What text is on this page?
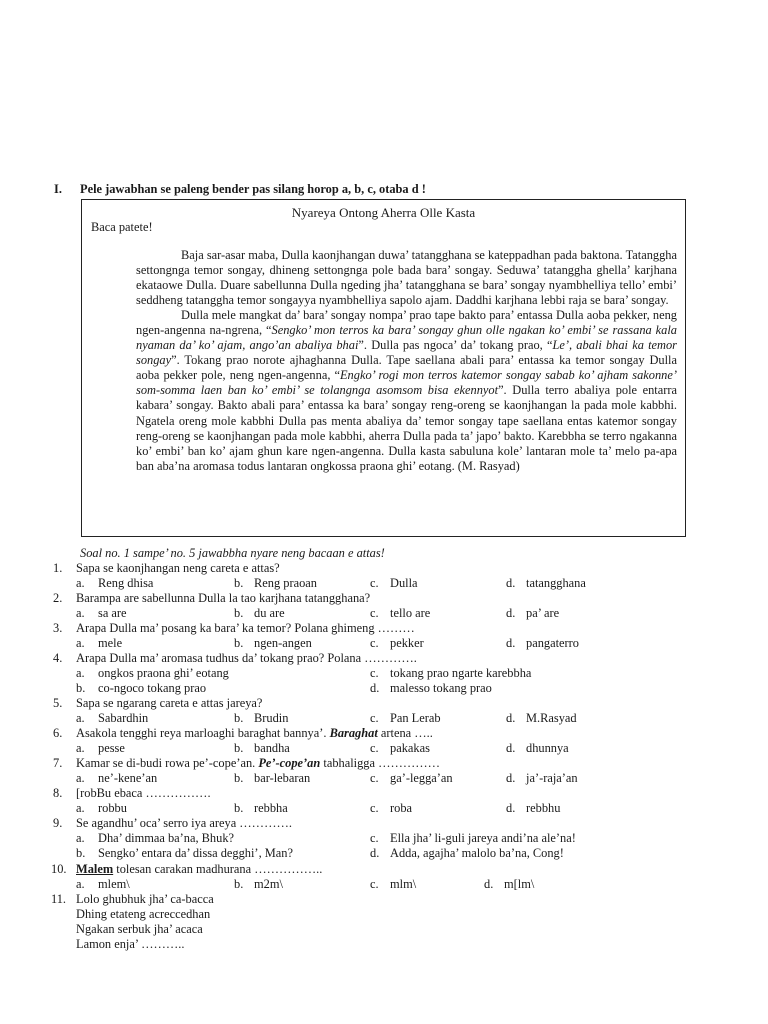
I. Pele jawabhan se paleng bender pas silang horop a, b, c, otaba d !
Nyareya Ontong Aherra Olle Kasta
Baca patete!

Baja sar-asar maba, Dulla kaonjhangan duwa’ tatangghana se kateppadhan pada baktona. Tatanggha settongnga temor songay, dhineng settongnga pole bada bara’ songay. Seduwa’ tatanggha ghella’ karjhana ekataowe Dulla. Duare sabellunna Dulla ngeding jha’ tatangghana se bara’ songay nyambhelliya tello’ embi’ seddheng tatanggha temor songayya nyambhelliya sapolo ajam. Daddhi karjhana lebbi raja se bara’ songay.

Dulla mele mangkat da’ bara’ songay nompa’ prao tape bakto para’ entassa Dulla aoba pekker, neng ngen-angenna na-ngrena, “Sengko’ mon terros ka bara’ songay ghun olle ngakan ko’ embi’ se rassana kala nyaman da’ ko’ ajam, ango’an abaliya bhai”. Dulla pas ngoca’ da’ tokang prao, “Le’, abali bhai ka temor songay”. Tokang prao norote ajhaghanna Dulla. Tape saellana abali para’ entassa ka temor songay Dulla aoba pekker pole, neng ngen-angenna, “Engko’ rogi mon terros katemor songay sabab ko’ ajham sakonne’ som-somma laen ban ko’ embi’ se tolangnga asomsom bisa ekennyot”. Dulla terro abaliya pole entarra kabara’ songay. Bakto abali para’ entassa ka bara’ songay reng-oreng se kaonjhangan la pada mole kabbhi. Ngatela oreng mole kabbhi Dulla pas menta abaliya da’ temor songay tape saellana entas katemor songay reng-oreng se kaonjhangan pada mole kabbhi, aherra Dulla pada ta’ japo’ bakto. Karebbha se terro ngakanna ko’ embi’ ban ko’ ajam ghun kare ngen-angenna. Dulla kasta sabuluna kole’ lantaran mole ta’ melo pa-apa ban aba’na aromasa todus lantaran ongkossa praona ghi’ eotang. (M. Rasyad)

Soal no. 1 sampe’ no. 5 jawabbha nyare neng bacaan e attas!
1. Sapa se kaonjhangan neng careta e attas?
a. Reng dhisa	b. Reng praoan	c. Dulla	d. tatangghana
2. Barampa are sabellunna Dulla la tao karjhana tatangghana?
a. sa are	b. du are	c. tello are	d. pa’ are
3. Arapa Dulla ma’ posang ka bara’ ka temor? Polana ghimeng ………
a. mele	b. ngen-angen	c. pekker	d. pangaterro
4. Arapa Dulla ma’ aromasa tudhus da’ tokang prao? Polana ………….
a. ongkos praona ghi’ eotang
b. co-ngoco tokang prao
c. tokang prao ngarte karebbha
d. malesso tokang prao
5. Sapa se ngarang careta e attas jareya?
a. Sabardhin	b. Brudin	c. Pan Lerab	d. M.Rasyad
6. Asakola tengghi reya marloaghi baraghat bannya’. Baraghat artena …..
a. pesse	b. bandha	c. pakakas	d. dhunnya
7. Kamar se di-budi rowa pe’-cope’an. Pe’-cope’an tabhaligga ……………
a. ne’-kene’an	b. bar-lebaran	c. ga’-legga’an	d. ja’-raja’an
8. [robBu ebaca …………….
a. robbu	b. rebbha	c. roba	d. rebbhu
9. Se agandhu’ oca’ serro iya areya ………….
a. Dha’ dimmaa ba’na, Bhuk?
b. Sengko’ entara da’ dissa degghi’, Man?
c. Ella jha’ li-guli jareya andi’na ale’na!
d. Adda, agajha’ malolo ba’na, Cong!
10. Malem tolesan carakan madhurana ……………..
a. mlem\	b. m2m\	c. mlm\	d. m[lm\
11. Lolo ghubhuk jha’ ca-bacca
Dhing etateng acreccedhan
Ngakan serbuk jha’ acaca
Lamon enja’ ………..
